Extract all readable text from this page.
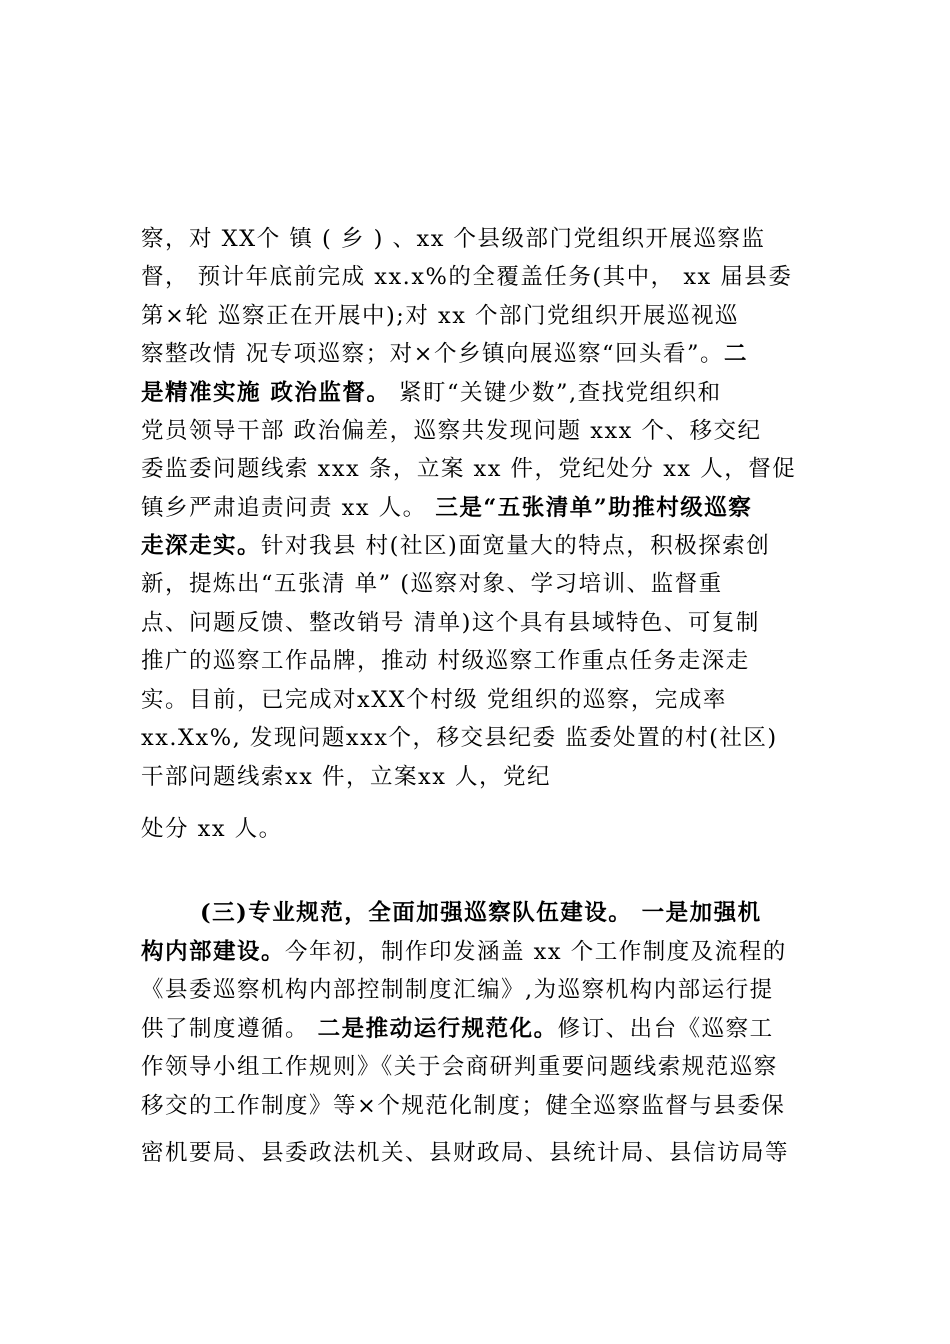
察，对 XX个 镇 ( 乡 ) 、xx 个县级部门党组织开展巡察监
督， 预计年底前完成 xx.x%的全覆盖任务(其中， xx 届县委
第×轮 巡察正在开展中);对 xx 个部门党组织开展巡视巡
察整改情 况专项巡察；对×个乡镇向展巡察“回头看”。二
是精准实施 政治监督。 紧盯“关键少数”,查找党组织和
党员领导干部 政治偏差，巡察共发现问题 xxx 个、移交纪
委监委问题线索 xxx 条，立案 xx 件，党纪处分 xx 人，督促
镇乡严肃追责问责 xx 人。 三是“五张清单”助推村级巡察
走深走实。针对我县 村(社区)面宽量大的特点，积极探索创
新，提炼出“五张清 单” (巡察对象、学习培训、监督重
点、问题反馈、整改销号 清单)这个具有县域特色、可复制
推广的巡察工作品牌，推动 村级巡察工作重点任务走深走
实。目前，已完成对xXX个村级 党组织的巡察，完成率
xx.Xx%, 发现问题xxx个，移交县纪委 监委处置的村(社区)
干部问题线索xx 件，立案xx 人，党纪
处分 xx 人。
(三)专业规范，全面加强巡察队伍建设。 一是加强机
构内部建设。今年初，制作印发涵盖 xx 个工作制度及流程的
《县委巡察机构内部控制制度汇编》,为巡察机构内部运行提
供了制度遵循。 二是推动运行规范化。修订、出台《巡察工
作领导小组工作规则》《关于会商研判重要问题线索规范巡察
移交的工作制度》等×个规范化制度；健全巡察监督与县委保
密机要局、县委政法机关、县财政局、县统计局、县信访局等
